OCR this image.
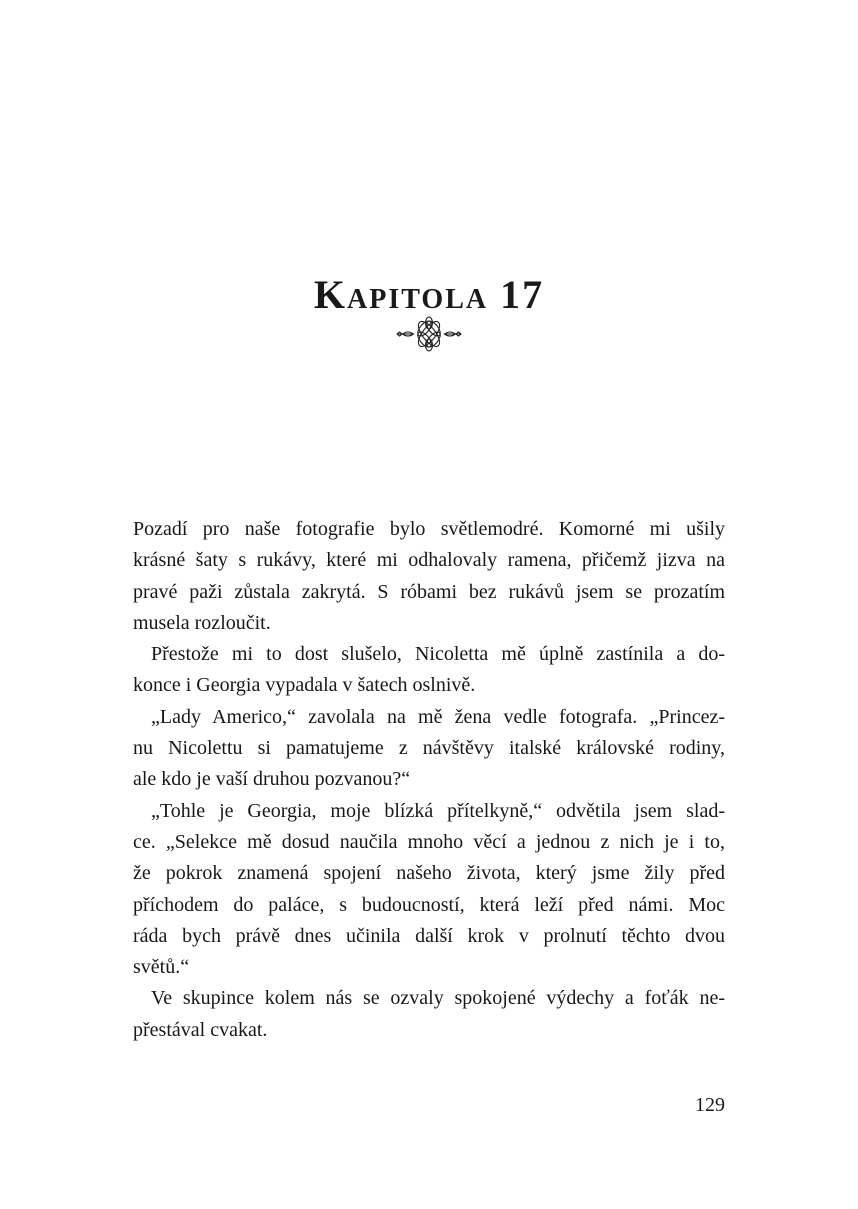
Kapitola 17
Pozadí pro naše fotografie bylo světlemodré. Komorné mi ušily
krásné šaty s rukávy, které mi odhalovaly ramena, přičemž jizva na
pravé paži zůstala zakrytá. S róbami bez rukávů jsem se prozatím
musela rozloučit.
Přestože mi to dost slušelo, Nicoletta mě úplně zastínila a do-
konce i Georgia vypadala v šatech oslnivě.
„Lady Americo,“ zavolala na mě žena vedle fotografa. „Princez-
nu Nicolettu si pamatujeme z návštěvy italské královské rodiny,
ale kdo je vaší druhou pozvanou?“
„Tohle je Georgia, moje blízká přítelkyně,“ odvětila jsem slad-
ce. „Selekce mě dosud naučila mnoho věcí a jednou z nich je i to,
že pokrok znamená spojení našeho života, který jsme žily před
příchodem do paláce, s budoucností, která leží před námi. Moc
ráda bych právě dnes učinila další krok v prolnutí těchto dvou
světů.“
Ve skupince kolem nás se ozvaly spokojené výdechy a foťák ne-
přestával cvakat.
129
